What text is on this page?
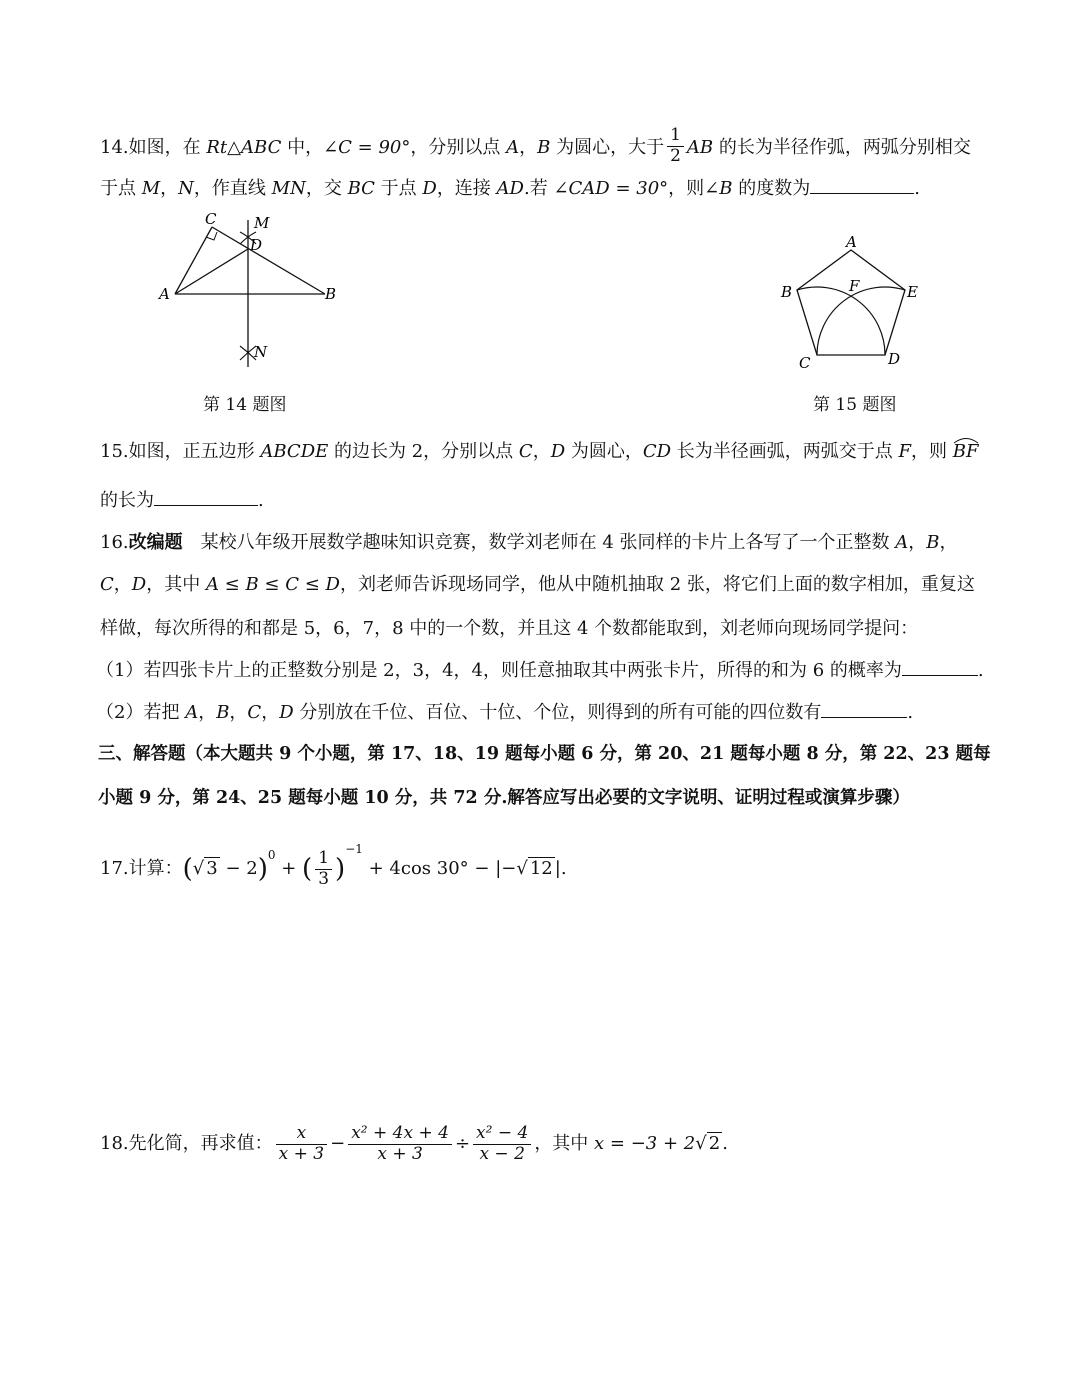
14.如图，在 Rt△ABC 中，∠C = 90°，分别以点 A，B 为圆心，大于 $\frac{1}{2}$ AB 的长为半径作弧，两弧分别相交
于点 M，N，作直线 MN，交 BC 于点 D，连接 AD.若 ∠CAD = 30°，则∠B 的度数为	.
C	M
D
A	B
N
第 14 题图
A
B	F	E
C	D
第 15 题图
15.如图，正五边形 ABCDE 的边长为 2，分别以点 C，D 为圆心，CD 长为半径画弧，两弧交于点 F，则
BF
的长为	.
16.改编题　某校八年级开展数学趣味知识竞赛，数学刘老师在 4 张同样的卡片上各写了一个正整数 A，B，
C，D，其中 A ≤ B ≤ C ≤ D，刘老师告诉现场同学，他从中随机抽取 2 张，将它们上面的数字相加，重复这
样做，每次所得的和都是 5，6，7，8 中的一个数，并且这 4 个数都能取到，刘老师向现场同学提问：
（1）若四张卡片上的正整数分别是 2，3，4，4，则任意抽取其中两张卡片，所得的和为 6 的概率为	.
（2）若把 A，B，C，D 分别放在千位、百位、十位、个位，则得到的所有可能的四位数有	.
三、解答题（本大题共 9 个小题，第 17、18、19 题每小题 6 分，第 20、21 题每小题 8 分，第 22、23 题每
小题 9 分，第 24、25 题每小题 10 分，共 72 分.解答应写出必要的文字说明、证明过程或演算步骤）
17.计算：(√ 3 − 2)$^0$ + ( $\frac{1}{3} )^{-1} + 4\cos$ 30° − |−√ 12 |.
18.先化简，再求值： $\frac{x}{x + 3} - \frac{\text{x² + 4x + 4}}{x + 3} \div \frac{\text{x² − 4}}{x - 2}$ ，其中 x = −3 + 2√ 2 .
